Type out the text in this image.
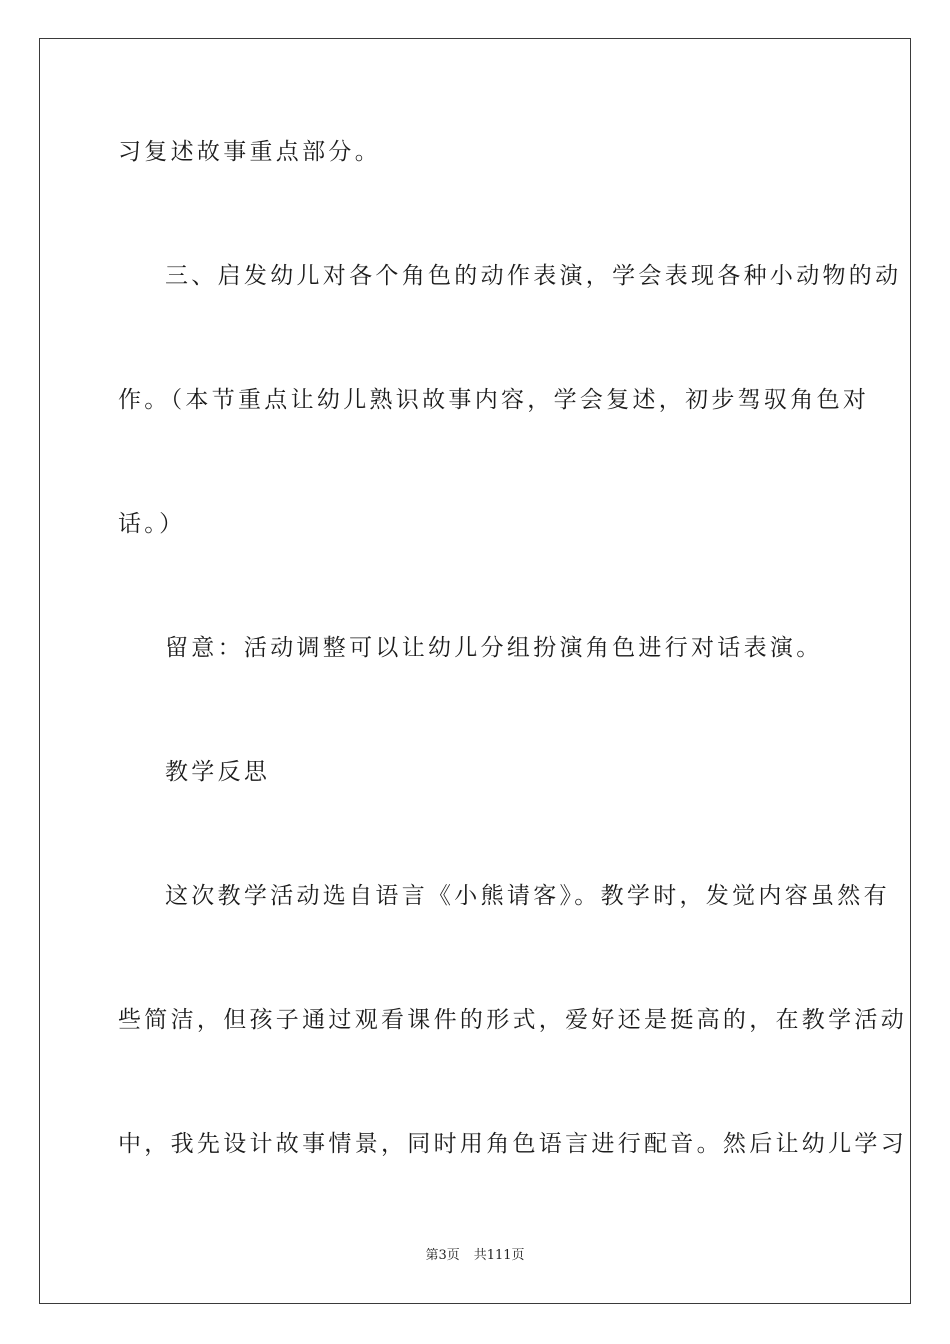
习复述故事重点部分。
三、启发幼儿对各个角色的动作表演，学会表现各种小动物的动
作。（本节重点让幼儿熟识故事内容，学会复述，初步驾驭角色对
话。）
留意：活动调整可以让幼儿分组扮演角色进行对话表演。
教学反思
这次教学活动选自语言《小熊请客》。教学时，发觉内容虽然有
些简洁，但孩子通过观看课件的形式，爱好还是挺高的，在教学活动
中，我先设计故事情景，同时用角色语言进行配音。然后让幼儿学习
第3页 共111页
